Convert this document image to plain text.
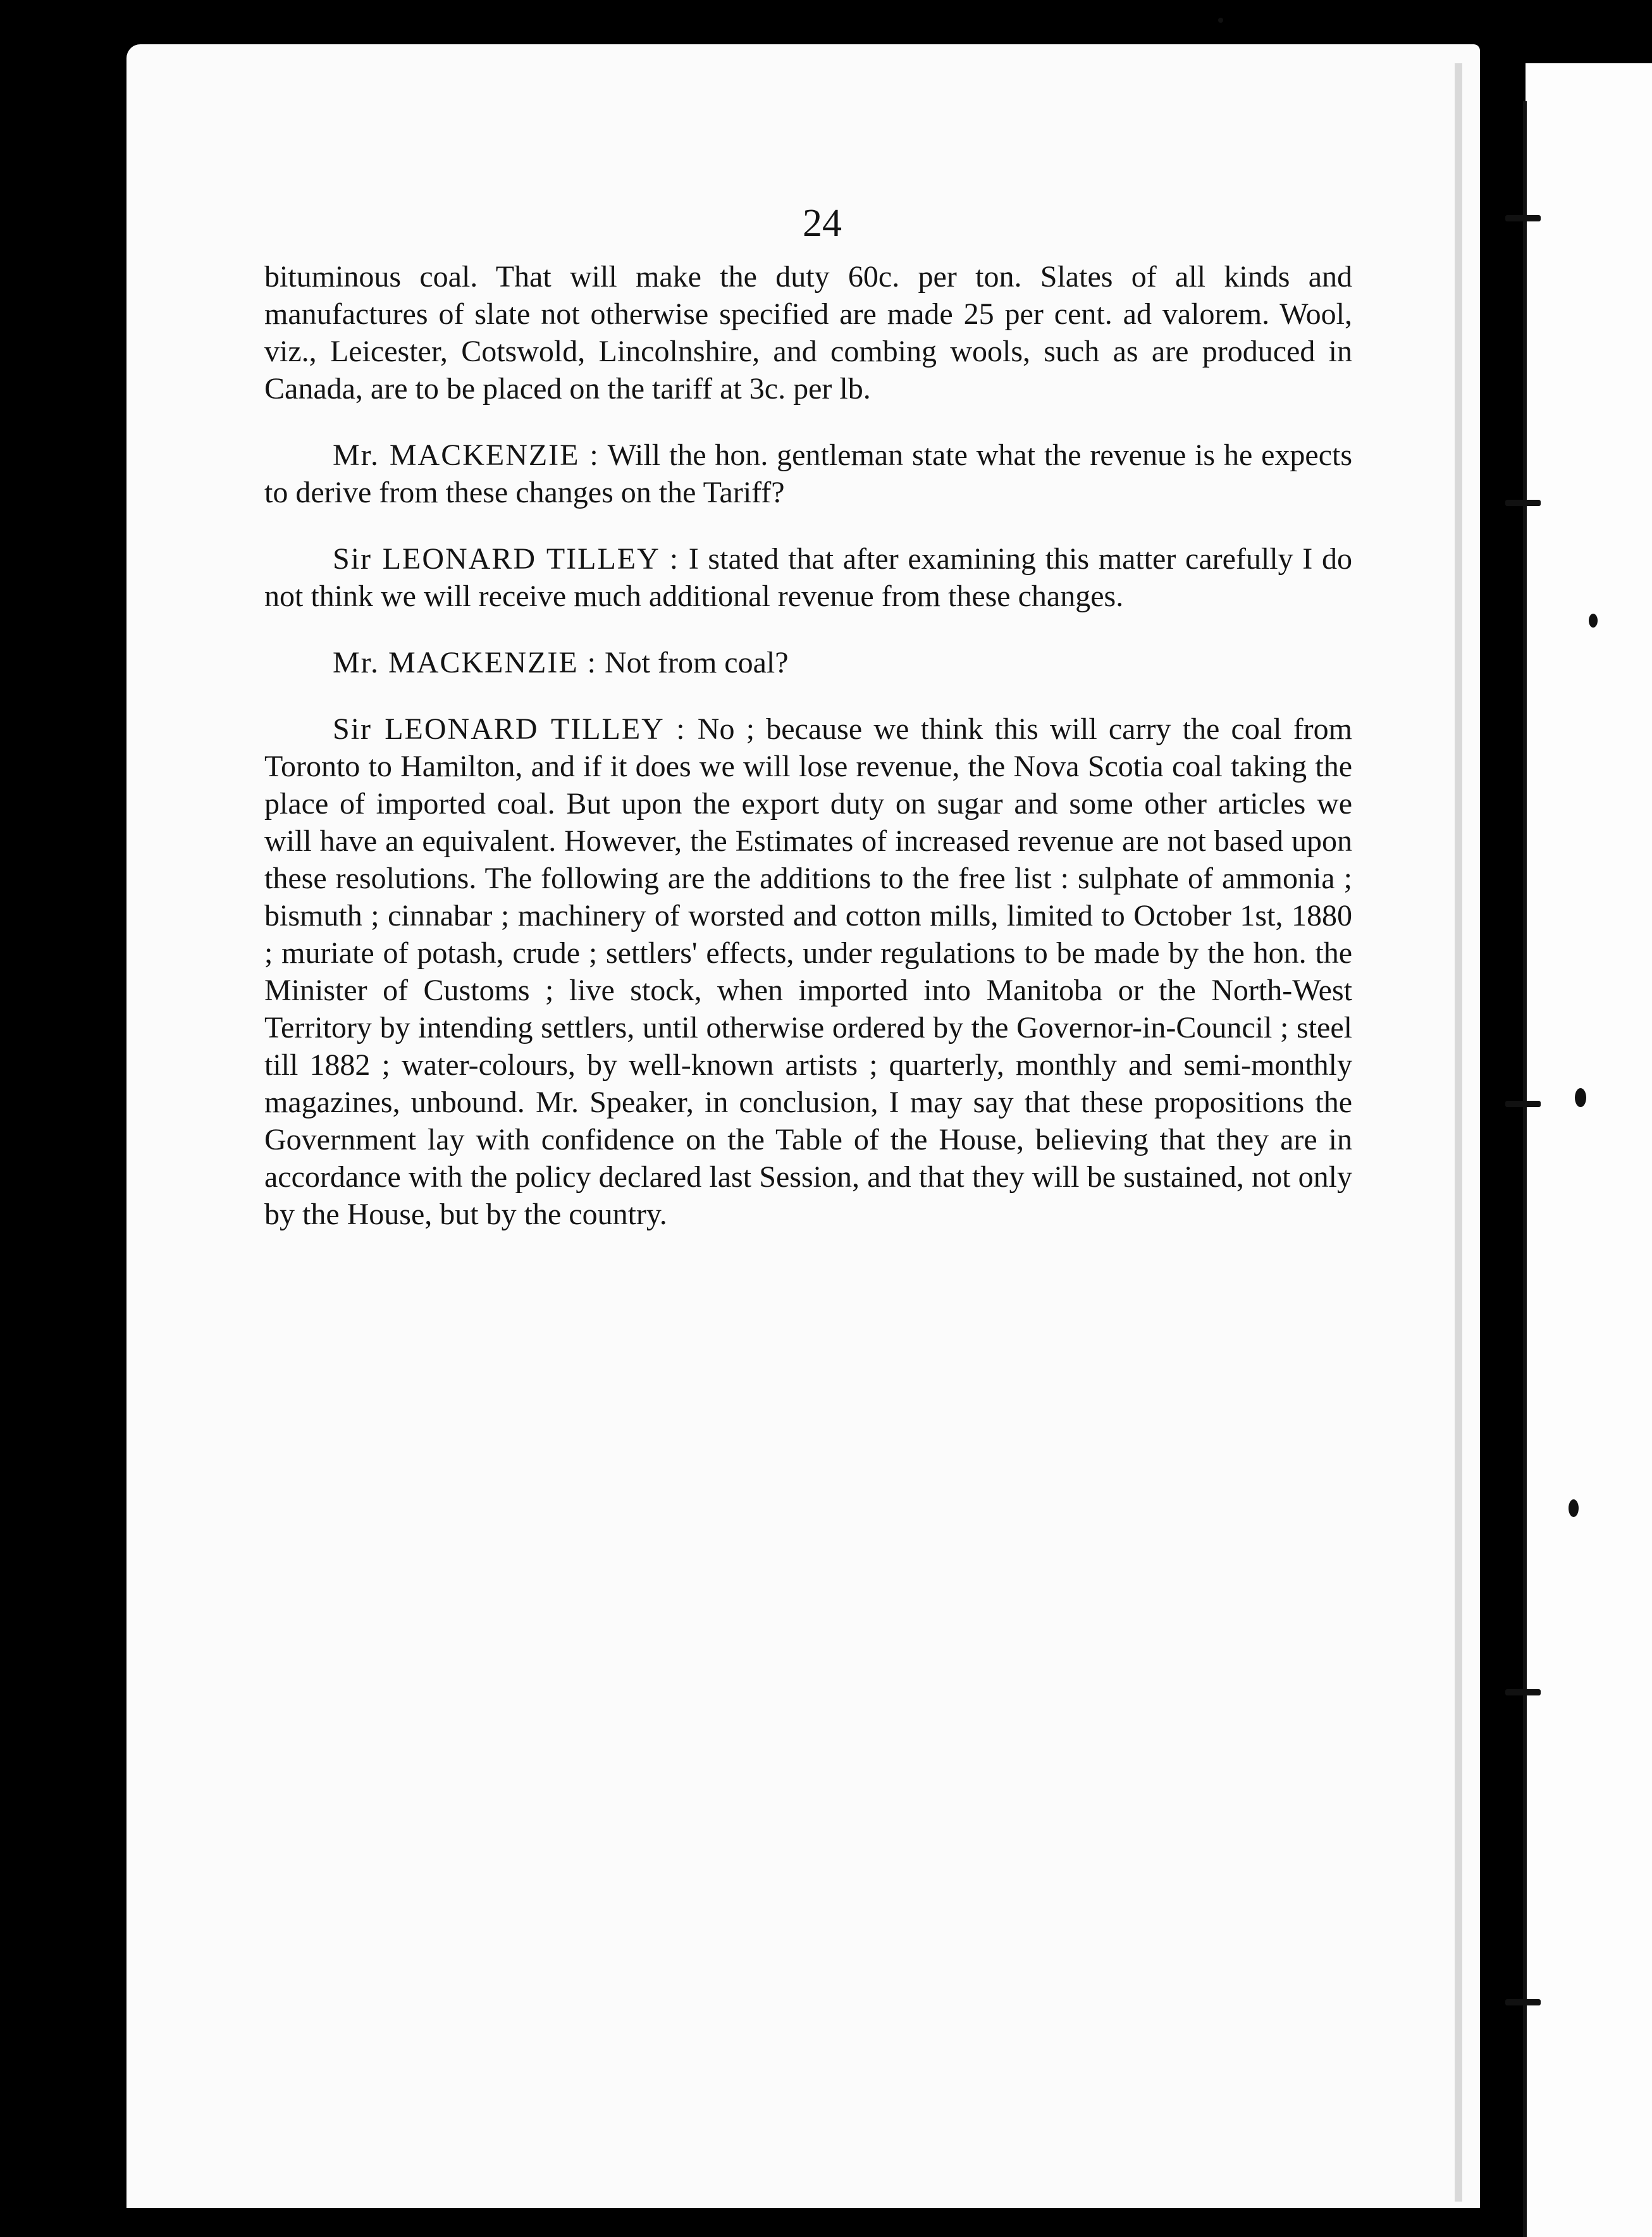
24

bituminous coal. That will make the duty 60c. per ton. Slates of all kinds and manufactures of slate not otherwise specified are made 25 per cent. ad valorem. Wool, viz., Leicester, Cotswold, Lincolnshire, and combing wools, such as are produced in Canada, are to be placed on the tariff at 3c. per lb.

Mr. MACKENZIE : Will the hon. gentleman state what the revenue is he expects to derive from these changes on the Tariff?

Sir LEONARD TILLEY : I stated that after examining this matter carefully I do not think we will receive much additional revenue from these changes.

Mr. MACKENZIE : Not from coal?

Sir LEONARD TILLEY : No ; because we think this will carry the coal from Toronto to Hamilton, and if it does we will lose revenue, the Nova Scotia coal taking the place of imported coal. But upon the export duty on sugar and some other articles we will have an equivalent. However, the Estimates of increased revenue are not based upon these resolutions. The following are the additions to the free list : sulphate of ammonia ; bismuth ; cinnabar ; machinery of worsted and cotton mills, limited to October 1st, 1880 ; muriate of potash, crude ; settlers' effects, under regulations to be made by the hon. the Minister of Customs ; live stock, when imported into Manitoba or the North-West Territory by intending settlers, until otherwise ordered by the Governor-in-Council ; steel till 1882 ; water-colours, by well-known artists ; quarterly, monthly and semi-monthly magazines, unbound. Mr. Speaker, in conclusion, I may say that these propositions the Government lay with confidence on the Table of the House, believing that they are in accordance with the policy declared last Session, and that they will be sustained, not only by the House, but by the country.
